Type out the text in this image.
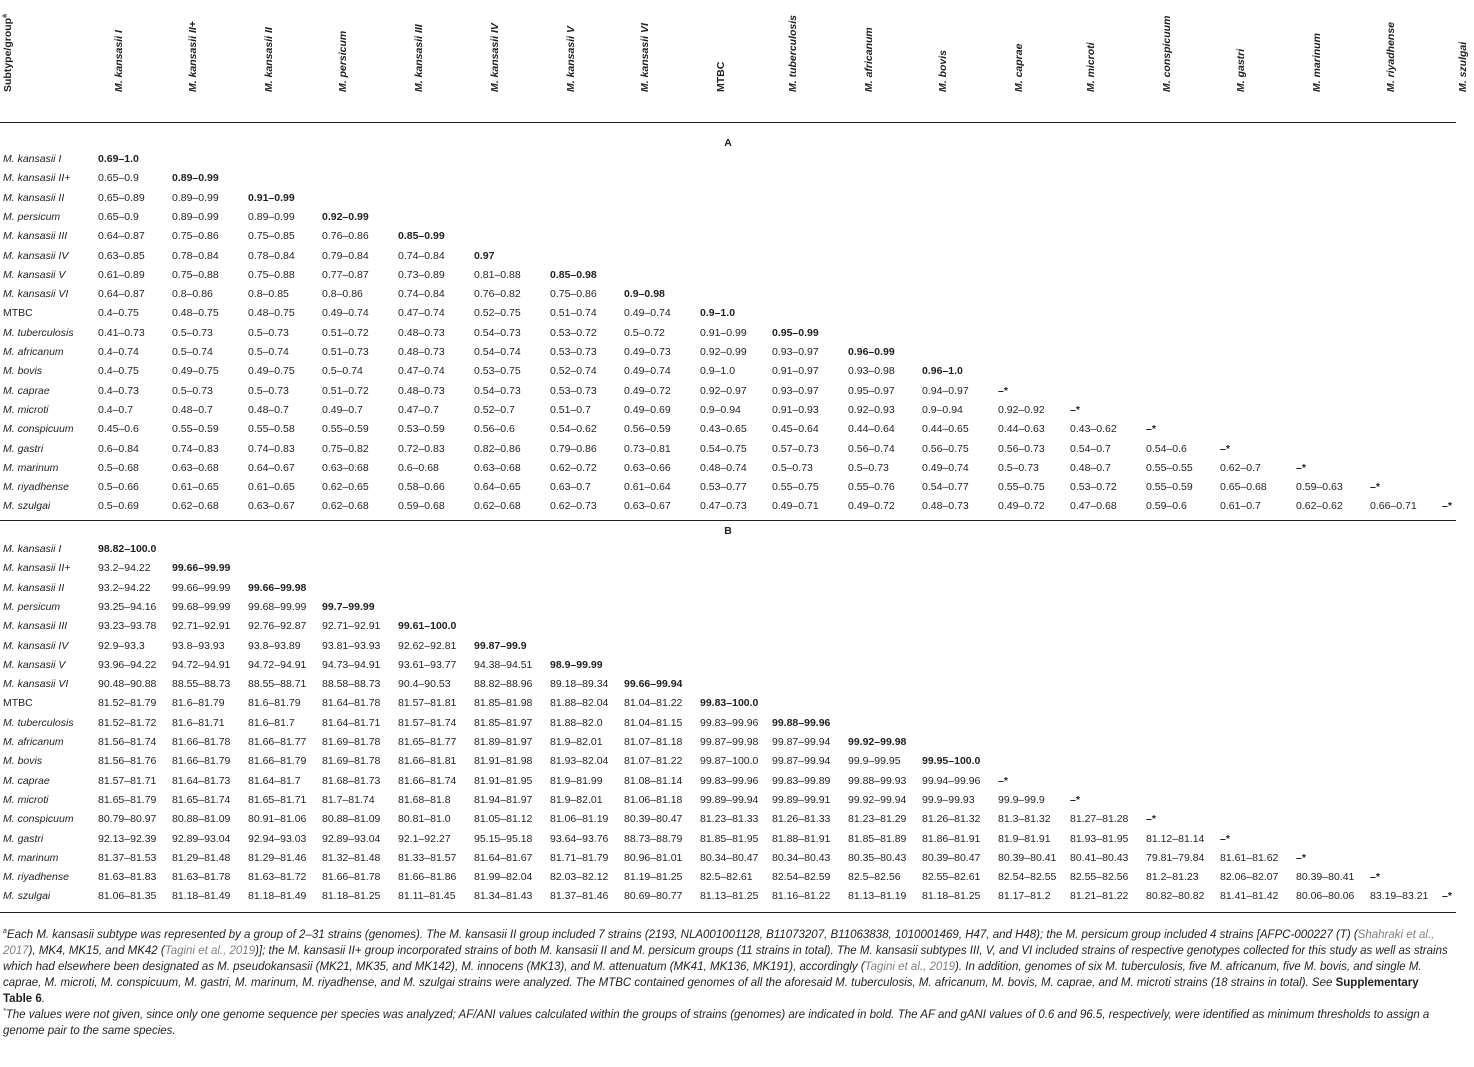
Subtype/group$^a$
M. kansasii I	M. kansasii II+	M. kansasii II	M. persicum	M. kansasii III	M. kansasii IV	M. kansasii V	M. kansasii VI	MTBC	M. tuberculosis	M. africanum	M. bovis	M. caprae	M. microti	M. conspicuum	M. gastri	M. marinum	M. riyadhense	M. szulgai
A
M. kansasii I	0.69–1.0
M. kansasii II+	0.65–0.9	0.89–0.99
M. kansasii II	0.65–0.89	0.89–0.99	0.91–0.99
M. persicum	0.65–0.9	0.89–0.99	0.89–0.99	0.92–0.99
M. kansasii III	0.64–0.87	0.75–0.86	0.75–0.85	0.76–0.86	0.85–0.99
M. kansasii IV	0.63–0.85	0.78–0.84	0.78–0.84	0.79–0.84	0.74–0.84	0.97
M. kansasii V	0.61–0.89	0.75–0.88	0.75–0.88	0.77–0.87	0.73–0.89	0.81–0.88	0.85–0.98
M. kansasii VI	0.64–0.87	0.8–0.86	0.8–0.85	0.8–0.86	0.74–0.84	0.76–0.82	0.75–0.86	0.9–0.98
MTBC	0.4–0.75	0.48–0.75	0.48–0.75	0.49–0.74	0.47–0.74	0.52–0.75	0.51–0.74	0.49–0.74	0.9–1.0
M. tuberculosis 0.41–0.73	0.5–0.73	0.5–0.73	0.51–0.72	0.48–0.73	0.54–0.73	0.53–0.72	0.5–0.72	0.91–0.99 0.95–0.99
M. africanum	0.4–0.74	0.5–0.74	0.5–0.74	0.51–0.73	0.48–0.73	0.54–0.74	0.53–0.73	0.49–0.73	0.92–0.99 0.93–0.97	0.96–0.99
M. bovis	0.4–0.75	0.49–0.75	0.49–0.75	0.5–0.74	0.47–0.74	0.53–0.75	0.52–0.74	0.49–0.74	0.9–1.0	0.91–0.97	0.93–0.98	0.96–1.0
M. caprae	0.4–0.73	0.5–0.73	0.5–0.73	0.51–0.72	0.48–0.73	0.54–0.73	0.53–0.73	0.49–0.72	0.92–0.97 0.93–0.97	0.95–0.97	0.94–0.97	–*
M. microti	0.4–0.7	0.48–0.7	0.48–0.7	0.49–0.7	0.47–0.7	0.52–0.7	0.51–0.7	0.49–0.69	0.9–0.94	0.91–0.93	0.92–0.93	0.9–0.94	0.92–0.92 –*
M. conspicuum 0.45–0.6	0.55–0.59	0.55–0.58	0.55–0.59	0.53–0.59	0.56–0.6	0.54–0.62	0.56–0.59	0.43–0.65 0.45–0.64	0.44–0.64	0.44–0.65	0.44–0.63 0.43–0.62	–*
M. gastri	0.6–0.84	0.74–0.83	0.74–0.83	0.75–0.82	0.72–0.83	0.82–0.86	0.79–0.86	0.73–0.81	0.54–0.75 0.57–0.73	0.56–0.74	0.56–0.75	0.56–0.73 0.54–0.7	0.54–0.6	–*
M. marinum	0.5–0.68	0.63–0.68	0.64–0.67	0.63–0.68	0.6–0.68	0.63–0.68	0.62–0.72	0.63–0.66	0.48–0.74 0.5–0.73	0.5–0.73	0.49–0.74	0.5–0.73	0.48–0.7	0.55–0.55	0.62–0.7	–*
M. riyadhense	0.5–0.66	0.61–0.65	0.61–0.65	0.62–0.65	0.58–0.66	0.64–0.65	0.63–0.7	0.61–0.64	0.53–0.77 0.55–0.75	0.55–0.76	0.54–0.77	0.55–0.75 0.53–0.72	0.55–0.59	0.65–0.68	0.59–0.63	–*
M. szulgai	0.5–0.69	0.62–0.68	0.63–0.67	0.62–0.68	0.59–0.68	0.62–0.68	0.62–0.73	0.63–0.67	0.47–0.73 0.49–0.71	0.49–0.72	0.48–0.73	0.49–0.72 0.47–0.68	0.59–0.6	0.61–0.7	0.62–0.62	0.66–0.71 –*
B
M. kansasii I	98.82–100.0
M. kansasii II+	93.2–94.22 99.66–99.99
M. kansasii II	93.2–94.22 99.66–99.99 99.66–99.98
M. persicum	93.25–94.16 99.68–99.99 99.68–99.99 99.7–99.99
M. kansasii III	93.23–93.78 92.71–92.91 92.76–92.87 92.71–92.91 99.61–100.0
M. kansasii IV	92.9–93.3	93.8–93.93 93.8–93.89 93.81–93.93 92.62–92.81 99.87–99.9
M. kansasii V	93.96–94.22 94.72–94.91 94.72–94.91 94.73–94.91 93.61–93.77 94.38–94.51 98.9–99.99
M. kansasii VI	90.48–90.88 88.55–88.73 88.55–88.71 88.58–88.73 90.4–90.53 88.82–88.96 89.18–89.34 99.66–99.94
MTBC	81.52–81.79 81.6–81.79 81.6–81.79 81.64–81.78 81.57–81.81 81.85–81.98 81.88–82.04 81.04–81.22 99.83–100.0
M. tuberculosis 81.52–81.72 81.6–81.71 81.6–81.7	81.64–81.71 81.57–81.74 81.85–81.97 81.88–82.0 81.04–81.15 99.83–99.96 99.88–99.96
M. africanum	81.56–81.74 81.66–81.78 81.66–81.77 81.69–81.78 81.65–81.77 81.89–81.97 81.9–82.01 81.07–81.18 99.87–99.98 99.87–99.94 99.92–99.98
M. bovis	81.56–81.76 81.66–81.79 81.66–81.79 81.69–81.78 81.66–81.81 81.91–81.98 81.93–82.04 81.07–81.22 99.87–100.0 99.87–99.94 99.9–99.95 99.95–100.0
M. caprae	81.57–81.71 81.64–81.73 81.64–81.7 81.68–81.73 81.66–81.74 81.91–81.95 81.9–81.99 81.08–81.14 99.83–99.96 99.83–99.89 99.88–99.93 99.94–99.96 –*
M. microti	81.65–81.79 81.65–81.74 81.65–81.71 81.7–81.74 81.68–81.8 81.94–81.97 81.9–82.01 81.06–81.18 99.89–99.94 99.89–99.91 99.92–99.94 99.9–99.93 99.9–99.9 –*
M. conspicuum 80.79–80.97 80.88–81.09 80.91–81.06 80.88–81.09 80.81–81.0 81.05–81.12 81.06–81.19 80.39–80.47 81.23–81.33 81.26–81.33 81.23–81.29 81.26–81.32 81.3–81.32 81.27–81.28 –*
M. gastri	92.13–92.39 92.89–93.04 92.94–93.03 92.89–93.04 92.1–92.27 95.15–95.18 93.64–93.76 88.73–88.79 81.85–81.95 81.88–81.91 81.85–81.89 81.86–81.91 81.9–81.91 81.93–81.95 81.12–81.14 –*
M. marinum	81.37–81.53 81.29–81.48 81.29–81.46 81.32–81.48 81.33–81.57 81.64–81.67 81.71–81.79 80.96–81.01 80.34–80.47 80.34–80.43 80.35–80.43 80.39–80.47 80.39–80.41 80.41–80.43 79.81–79.84 81.61–81.62 –*
M. riyadhense	81.63–81.83 81.63–81.78 81.63–81.72 81.66–81.78 81.66–81.86 81.99–82.04 82.03–82.12 81.19–81.25 82.5–82.61 82.54–82.59 82.5–82.56 82.55–82.61 82.54–82.55 82.55–82.56 81.2–81.23 82.06–82.07 80.39–80.41 –*
M. szulgai	81.06–81.35 81.18–81.49 81.18–81.49 81.18–81.25 81.11–81.45 81.34–81.43 81.37–81.46 80.69–80.77 81.13–81.25 81.16–81.22 81.13–81.19 81.18–81.25 81.17–81.2 81.21–81.22 80.82–80.82 81.41–81.42 80.06–80.06 83.19–83.21 –*

$^a$Each M. kansasii subtype was represented by a group of 2–31 strains (genomes). The M. kansasii II group included 7 strains (2193, NLA001001128, B11073207, B11063838, 1010001469, H47, and H48); the M. persicum group included 4 strains [AFPC-000227 (T) (Shahraki et al., 2017), MK4, MK15, and MK42 (Tagini et al., 2019)]; the M. kansasii II+ group incorporated strains of both M. kansasii II and M. persicum groups (11 strains in total). The M. kansasii subtypes III, V, and VI included strains of respective genotypes collected for this study as well as strains which had elsewhere been designated as M. pseudokansasii (MK21, MK35, and MK142), M. innocens (MK13), and M. attenuatum (MK41, MK136, MK191), accordingly (Tagini et al., 2019). In addition, genomes of six M. tuberculosis, five M. africanum, five M. bovis, and single M. caprae, M. microti, M. conspicuum, M. gastri, M. marinum, M. riyadhense, and M. szulgai strains were analyzed. The MTBC contained genomes of all the aforesaid M. tuberculosis, M. africanum, M. bovis, M. caprae, and M. microti strains (18 strains in total). See Supplementary Table 6.

*The values were not given, since only one genome sequence per species was analyzed; AF/ANI values calculated within the groups of strains (genomes) are indicated in bold. The AF and gANI values of 0.6 and 96.5, respectively, were identified as minimum thresholds to assign a genome pair to the same species.
